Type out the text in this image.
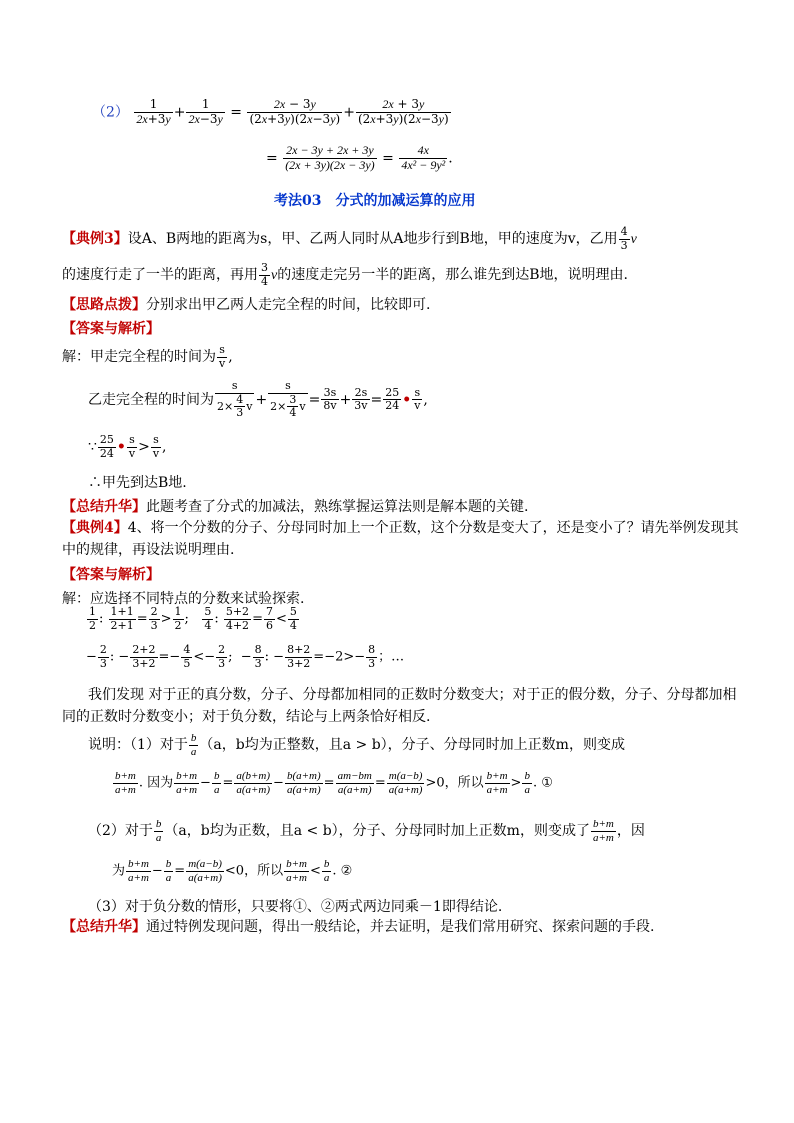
$(2) \frac{1}{2x+3y} + \frac{1}{2x-3y} = \frac{2x - 3y}{(2x+3y)(2x-3y)} + \frac{2x + 3y}{(2x+3y)(2x-3y)}$
= $\frac{2x - 3y + 2x + 3y}{(2x + 3y)(2x - 3y)} = \frac{4x}{\text{4x² − 9y²}}$ .
考法03　分式的加减运算的应用
【典例3】设A、B两地的距离为s，甲、乙两人同时从A地步行到B地，甲的速度为v，乙用 $\frac{4}{3}$ v
的速度行走了一半的距离，再用 $\frac{3}{4}$ v的速度走完另一半的距离，那么谁先到达B地，说明理由.
【思路点拨】分别求出甲乙两人走完全程的时间，比较即可.
【答案与解析】
解：甲走完全程的时间为 $\frac{s}{v}$ ,
乙走完全程的时间为 $\frac{s}{2\times \frac{4}{3} v} + \frac{s}{2\times \frac{3}{4} v} = \frac{3s}{8v} + \frac{2s}{3v} = \frac{25}{24}$ • $\frac{s}{v}$ ,
∵ $\frac{25}{24}$ • $\frac{s}{v} > \frac{s}{v}$ ,
∴甲先到达B地.
【总结升华】此题考查了分式的加减法，熟练掌握运算法则是解本题的关键.
【典例4】4、将一个分数的分子、分母同时加上一个正数，这个分数是变大了，还是变小了？请先举例发现其中的规律，再设法说明理由.
【答案与解析】
解：应选择不同特点的分数来试验探索.
$\frac{1}{2}$ : $\frac{1+1}{2+1} = \frac{2}{3} > \frac{1}{2}$ ; $\frac{5}{4}$ : $\frac{5+2}{4+2} = \frac{7}{6} < \frac{5}{4}$
− $\frac{2}{3}$ : − $\frac{2+2}{3+2} =- \frac{4}{5} <- \frac{2}{3}$ ;  − $\frac{8}{3}$ : − $\frac{8+2}{3+2} =-2>- \frac{8}{3}$ ；…
我们发现 对于正的真分数，分子、分母都加相同的正数时分数变大；对于正的假分数，分子、分母都加相同的正数时分数变小；对于负分数，结论与上两条恰好相反.
说明：（1）对于 $\frac{b}{a} (a$，b均为正整数，且a > b），分子、分母同时加上正数m，则变成
$\frac{b+m}{a+m}$ . 因为 $\frac{b+m}{a+m} - \frac{b}{a} = \frac{a(b+m)}{a(a+m)} - \frac{b(a+m)}{a(a+m)} = \frac{am-bm}{a(a+m)} = \frac{m(a-b)}{a(a+m)} >0$，所以 $\frac{b+m}{a+m} > \frac{b}{a}$ . ①
（2）对于 $\frac{b}{a} (a$，b均为正数，且a < b），分子、分母同时加上正数m，则变成了 $\frac{b+m}{a+m}$ ，因
为 $\frac{b+m}{a+m} - \frac{b}{a} = \frac{m(a-b)}{a(a+m)} <0$，所以 $\frac{b+m}{a+m} < \frac{b}{a}$ . ②
（3）对于负分数的情形，只要将①、②两式两边同乘－1即得结论.
【总结升华】通过特例发现问题，得出一般结论，并去证明，是我们常用研究、探索问题的手段.
